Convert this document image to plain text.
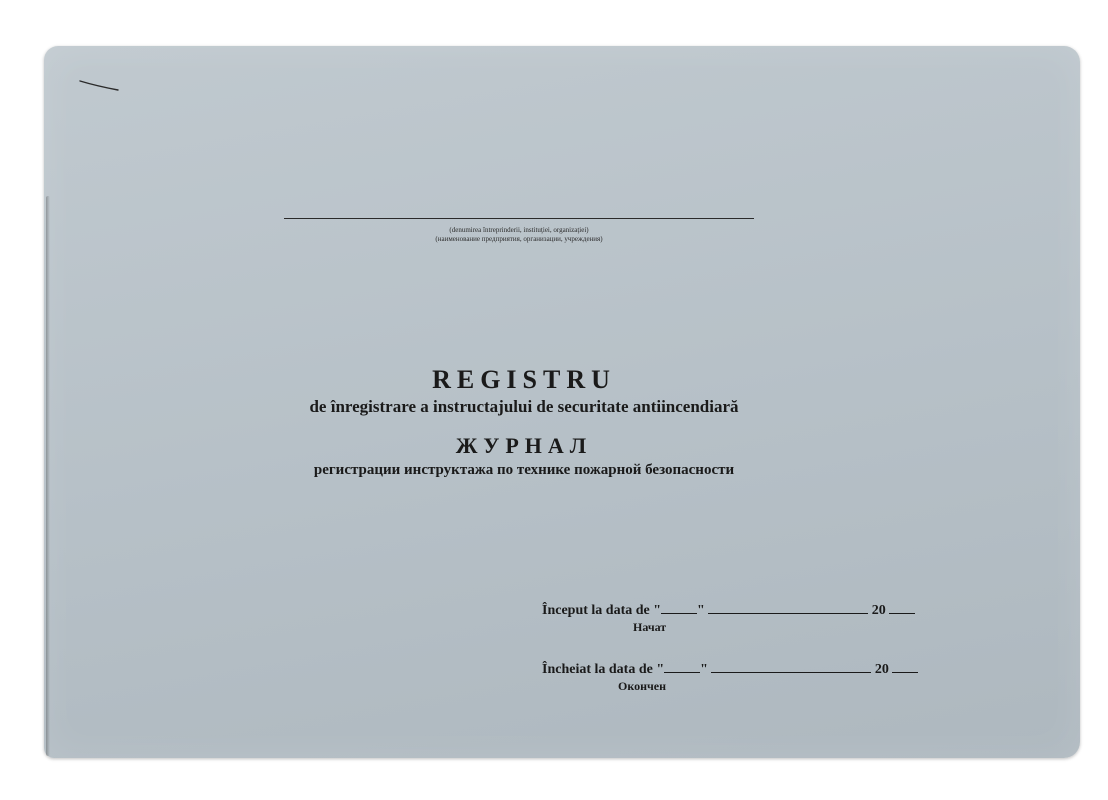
(denumirea întreprinderii, instituţiei, organizaţiei)
(наименование предприятия, организации, учреждения)
REGISTRU
de înregistrare a instructajului de securitate antiincendiară
ЖУРНАЛ
регистрации инструктажа по технике пожарной безопасности
Început la data de "	"	20
Начат
Încheiat la data de "	"	20
Окончен
